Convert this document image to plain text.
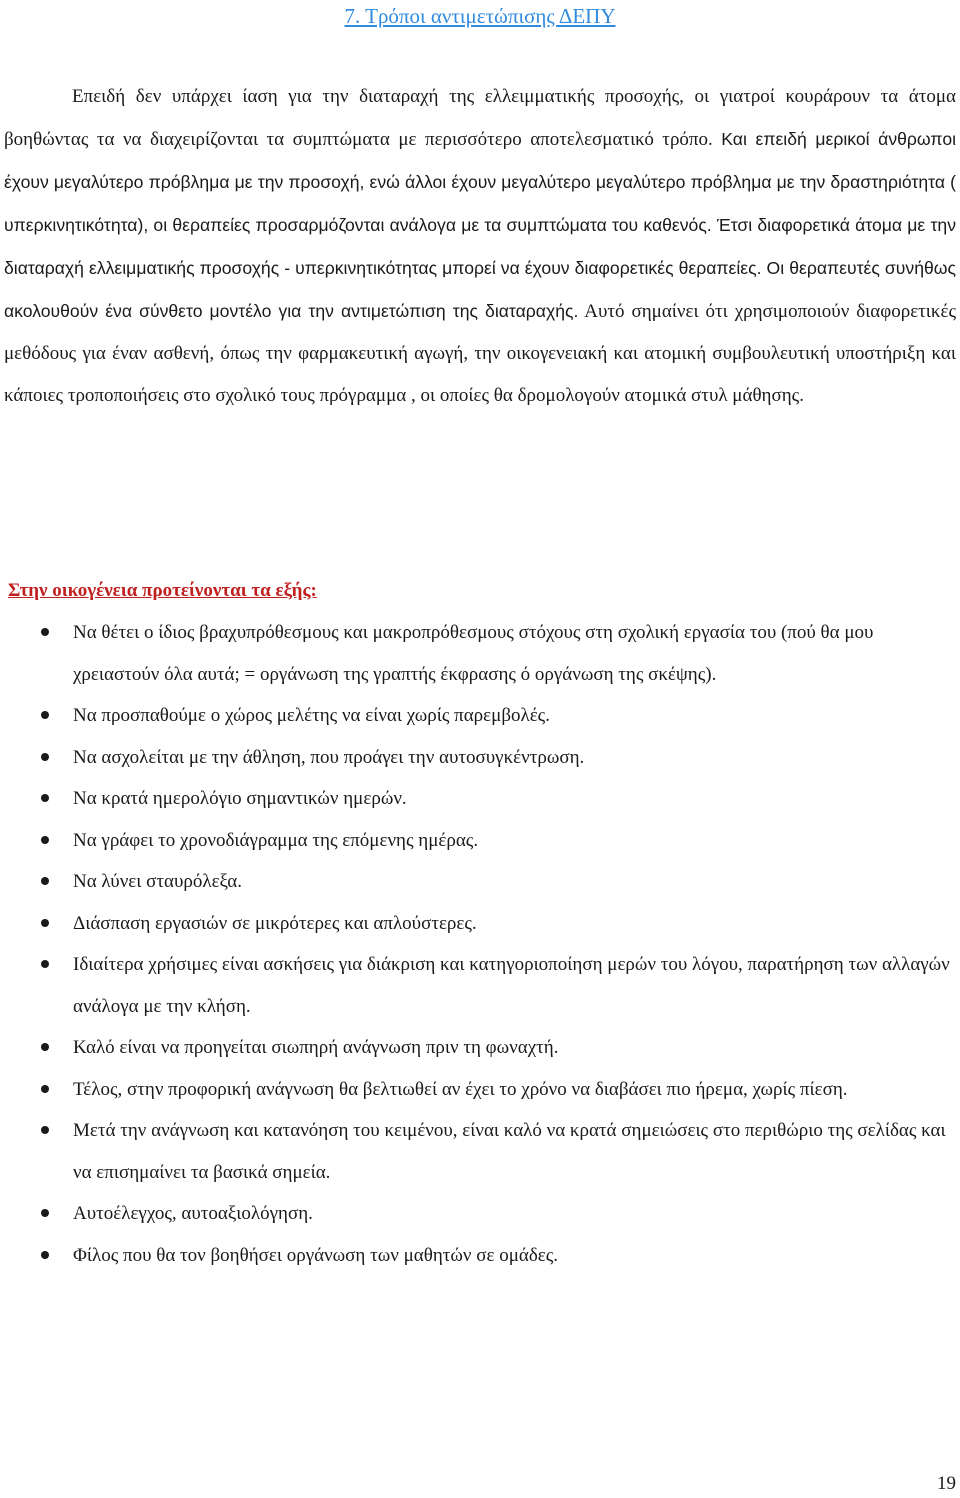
7. Τρόποι αντιμετώπισης ΔΕΠΥ

Επειδή δεν υπάρχει ίαση για την διαταραχή της ελλειμματικής προσοχής, οι γιατροί κουράρουν τα άτομα βοηθώντας τα να διαχειρίζονται τα συμπτώματα με περισσότερο αποτελεσματικό τρόπο. Και επειδή μερικοί άνθρωποι έχουν μεγαλύτερο πρόβλημα με την προσοχή, ενώ άλλοι έχουν μεγαλύτερο μεγαλύτερο πρόβλημα με την δραστηριότητα ( υπερκινητικότητα), οι θεραπείες προσαρμόζονται ανάλογα με τα συμπτώματα του καθενός. Έτσι διαφορετικά άτομα με την διαταραχή ελλειμματικής προσοχής - υπερκινητικότητας μπορεί να έχουν διαφορετικές θεραπείες. Οι θεραπευτές συνήθως ακολουθούν ένα σύνθετο μοντέλο για την αντιμετώπιση της διαταραχής. Αυτό σημαίνει ότι χρησιμοποιούν διαφορετικές μεθόδους για έναν ασθενή, όπως την φαρμακευτική αγωγή, την οικογενειακή και ατομική συμβουλευτική υποστήριξη και κάποιες τροποποιήσεις στο σχολικό τους πρόγραμμα , οι οποίες θα δρομολογούν ατομικά στυλ μάθησης.

Στην οικογένεια προτείνονται τα εξής:
Να θέτει ο ίδιος βραχυπρόθεσμους και μακροπρόθεσμους στόχους στη σχολική εργασία του (πού θα μου χρειαστούν όλα αυτά; = οργάνωση της γραπτής έκφρασης ό οργάνωση της σκέψης).
Να προσπαθούμε ο χώρος μελέτης να είναι χωρίς παρεμβολές.
Να ασχολείται με την άθληση, που προάγει την αυτοσυγκέντρωση.
Να κρατά ημερολόγιο σημαντικών ημερών.
Να γράφει το χρονοδιάγραμμα της επόμενης ημέρας.
Να λύνει σταυρόλεξα.
Διάσπαση εργασιών σε μικρότερες και απλούστερες.
Ιδιαίτερα χρήσιμες είναι ασκήσεις για διάκριση και κατηγοριοποίηση μερών του λόγου, παρατήρηση των αλλαγών ανάλογα με την κλήση.
Καλό είναι να προηγείται σιωπηρή ανάγνωση πριν τη φωναχτή.
Τέλος, στην προφορική ανάγνωση θα βελτιωθεί αν έχει το χρόνο να διαβάσει πιο ήρεμα, χωρίς πίεση.
Μετά την ανάγνωση και κατανόηση του κειμένου, είναι καλό να κρατά σημειώσεις στο περιθώριο της σελίδας και να επισημαίνει τα βασικά σημεία.
Αυτοέλεγχος, αυτοαξιολόγηση.
Φίλος που θα τον βοηθήσει οργάνωση των μαθητών σε ομάδες.

19
